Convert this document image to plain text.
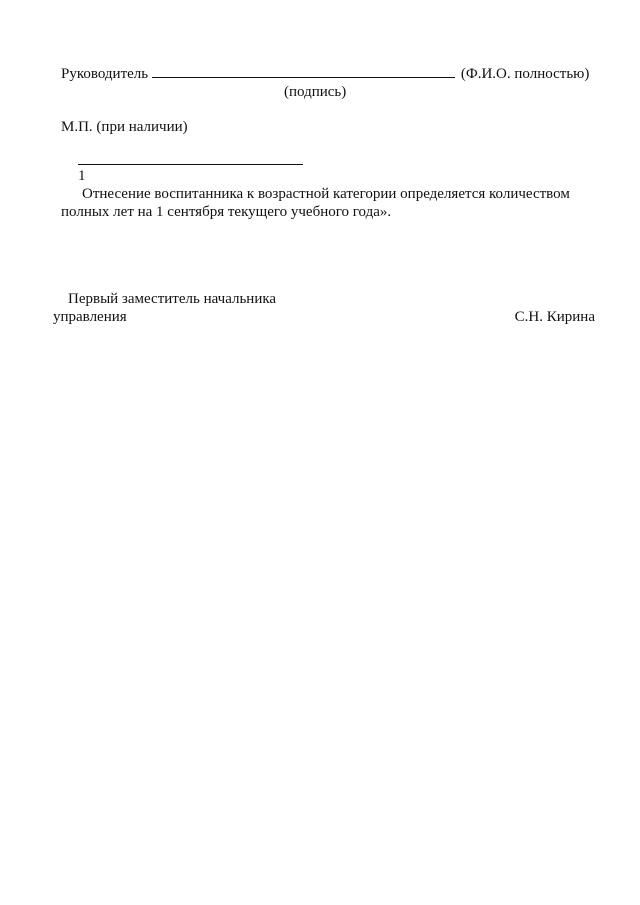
Руководитель	(Ф.И.О. полностью)
(подпись)
М.П. (при наличии)
1
Отнесение воспитанника к возрастной категории определяется количеством полных лет на 1 сентября текущего учебного года».
Первый заместитель начальника
управления	С.Н. Кирина
